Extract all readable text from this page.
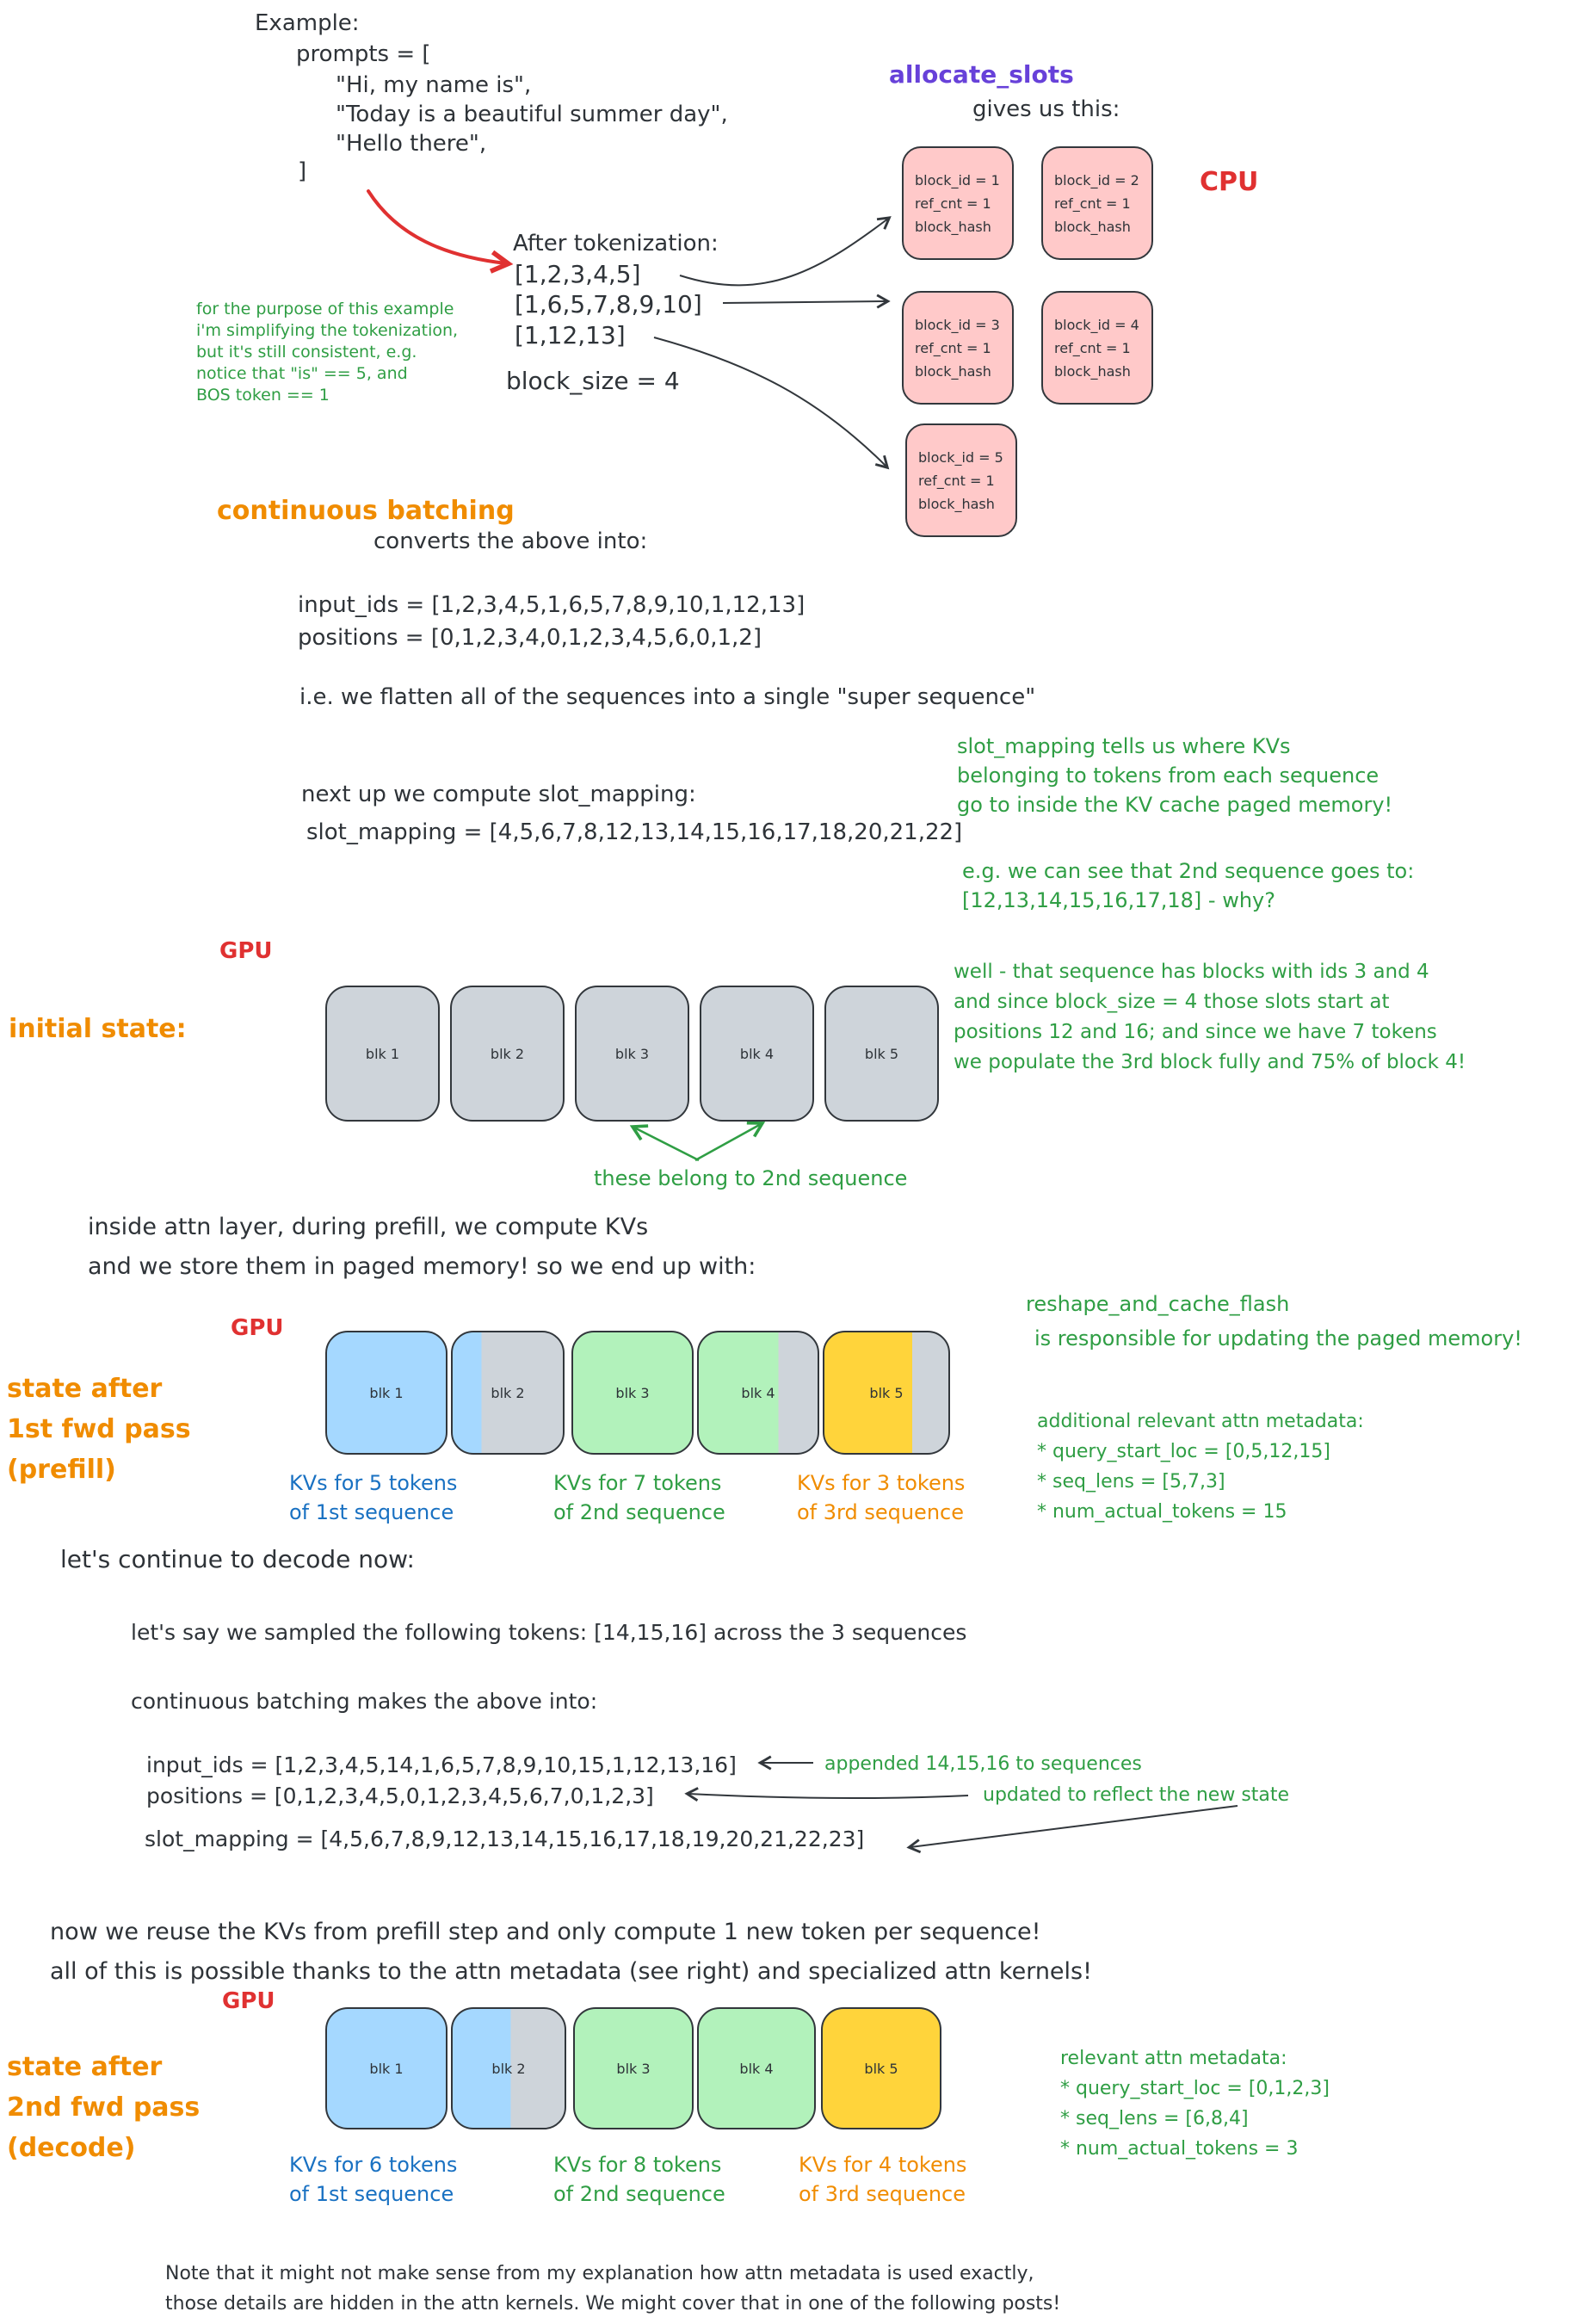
Example:
prompts = [
"Hi, my name is",
"Today is a beautiful summer day",
"Hello there",
]
allocate_slots
gives us this:
CPU
block_id = 1
ref_cnt = 1
block_hash
block_id = 2
ref_cnt = 1
block_hash
block_id = 3
ref_cnt = 1
block_hash
block_id = 4
ref_cnt = 1
block_hash
block_id = 5
ref_cnt = 1
block_hash
After tokenization:
[1,2,3,4,5]
[1,6,5,7,8,9,10]
[1,12,13]
block_size = 4
for the purpose of this example
i'm simplifying the tokenization,
but it's still consistent, e.g.
notice that "is" == 5, and
BOS token == 1
continuous batching
converts the above into:
input_ids = [1,2,3,4,5,1,6,5,7,8,9,10,1,12,13]
positions = [0,1,2,3,4,0,1,2,3,4,5,6,0,1,2]
i.e. we flatten all of the sequences into a single "super sequence"
next up we compute slot_mapping:
slot_mapping = [4,5,6,7,8,12,13,14,15,16,17,18,20,21,22]
slot_mapping tells us where KVs
belonging to tokens from each sequence
go to inside the KV cache paged memory!
e.g. we can see that 2nd sequence goes to:
[12,13,14,15,16,17,18] - why?
GPU
initial state:
blk 1	blk 2	blk 3	blk 4	blk 5
these belong to 2nd sequence
well - that sequence has blocks with ids 3 and 4
and since block_size = 4 those slots start at
positions 12 and 16; and since we have 7 tokens
we populate the 3rd block fully and 75% of block 4!
inside attn layer, during prefill, we compute KVs
and we store them in paged memory! so we end up with:
GPU
state after
1st fwd pass
(prefill)
blk 1	blk 2	blk 3	blk 4	blk 5
KVs for 5 tokens
of 1st sequence
KVs for 7 tokens
of 2nd sequence
KVs for 3 tokens
of 3rd sequence
reshape_and_cache_flash
is responsible for updating the paged memory!
additional relevant attn metadata:
* query_start_loc = [0,5,12,15]
* seq_lens = [5,7,3]
* num_actual_tokens = 15
let's continue to decode now:
let's say we sampled the following tokens: [14,15,16] across the 3 sequences
continuous batching makes the above into:
input_ids = [1,2,3,4,5,14,1,6,5,7,8,9,10,15,1,12,13,16]
positions = [0,1,2,3,4,5,0,1,2,3,4,5,6,7,0,1,2,3]
slot_mapping = [4,5,6,7,8,9,12,13,14,15,16,17,18,19,20,21,22,23]
appended 14,15,16 to sequences
updated to reflect the new state
now we reuse the KVs from prefill step and only compute 1 new token per sequence!
all of this is possible thanks to the attn metadata (see right) and specialized attn kernels!
GPU
state after
2nd fwd pass
(decode)
blk 1	blk 2	blk 3	blk 4	blk 5
KVs for 6 tokens
of 1st sequence
KVs for 8 tokens
of 2nd sequence
KVs for 4 tokens
of 3rd sequence
relevant attn metadata:
* query_start_loc = [0,1,2,3]
* seq_lens = [6,8,4]
* num_actual_tokens = 3
Note that it might not make sense from my explanation how attn metadata is used exactly,
those details are hidden in the attn kernels. We might cover that in one of the following posts!
